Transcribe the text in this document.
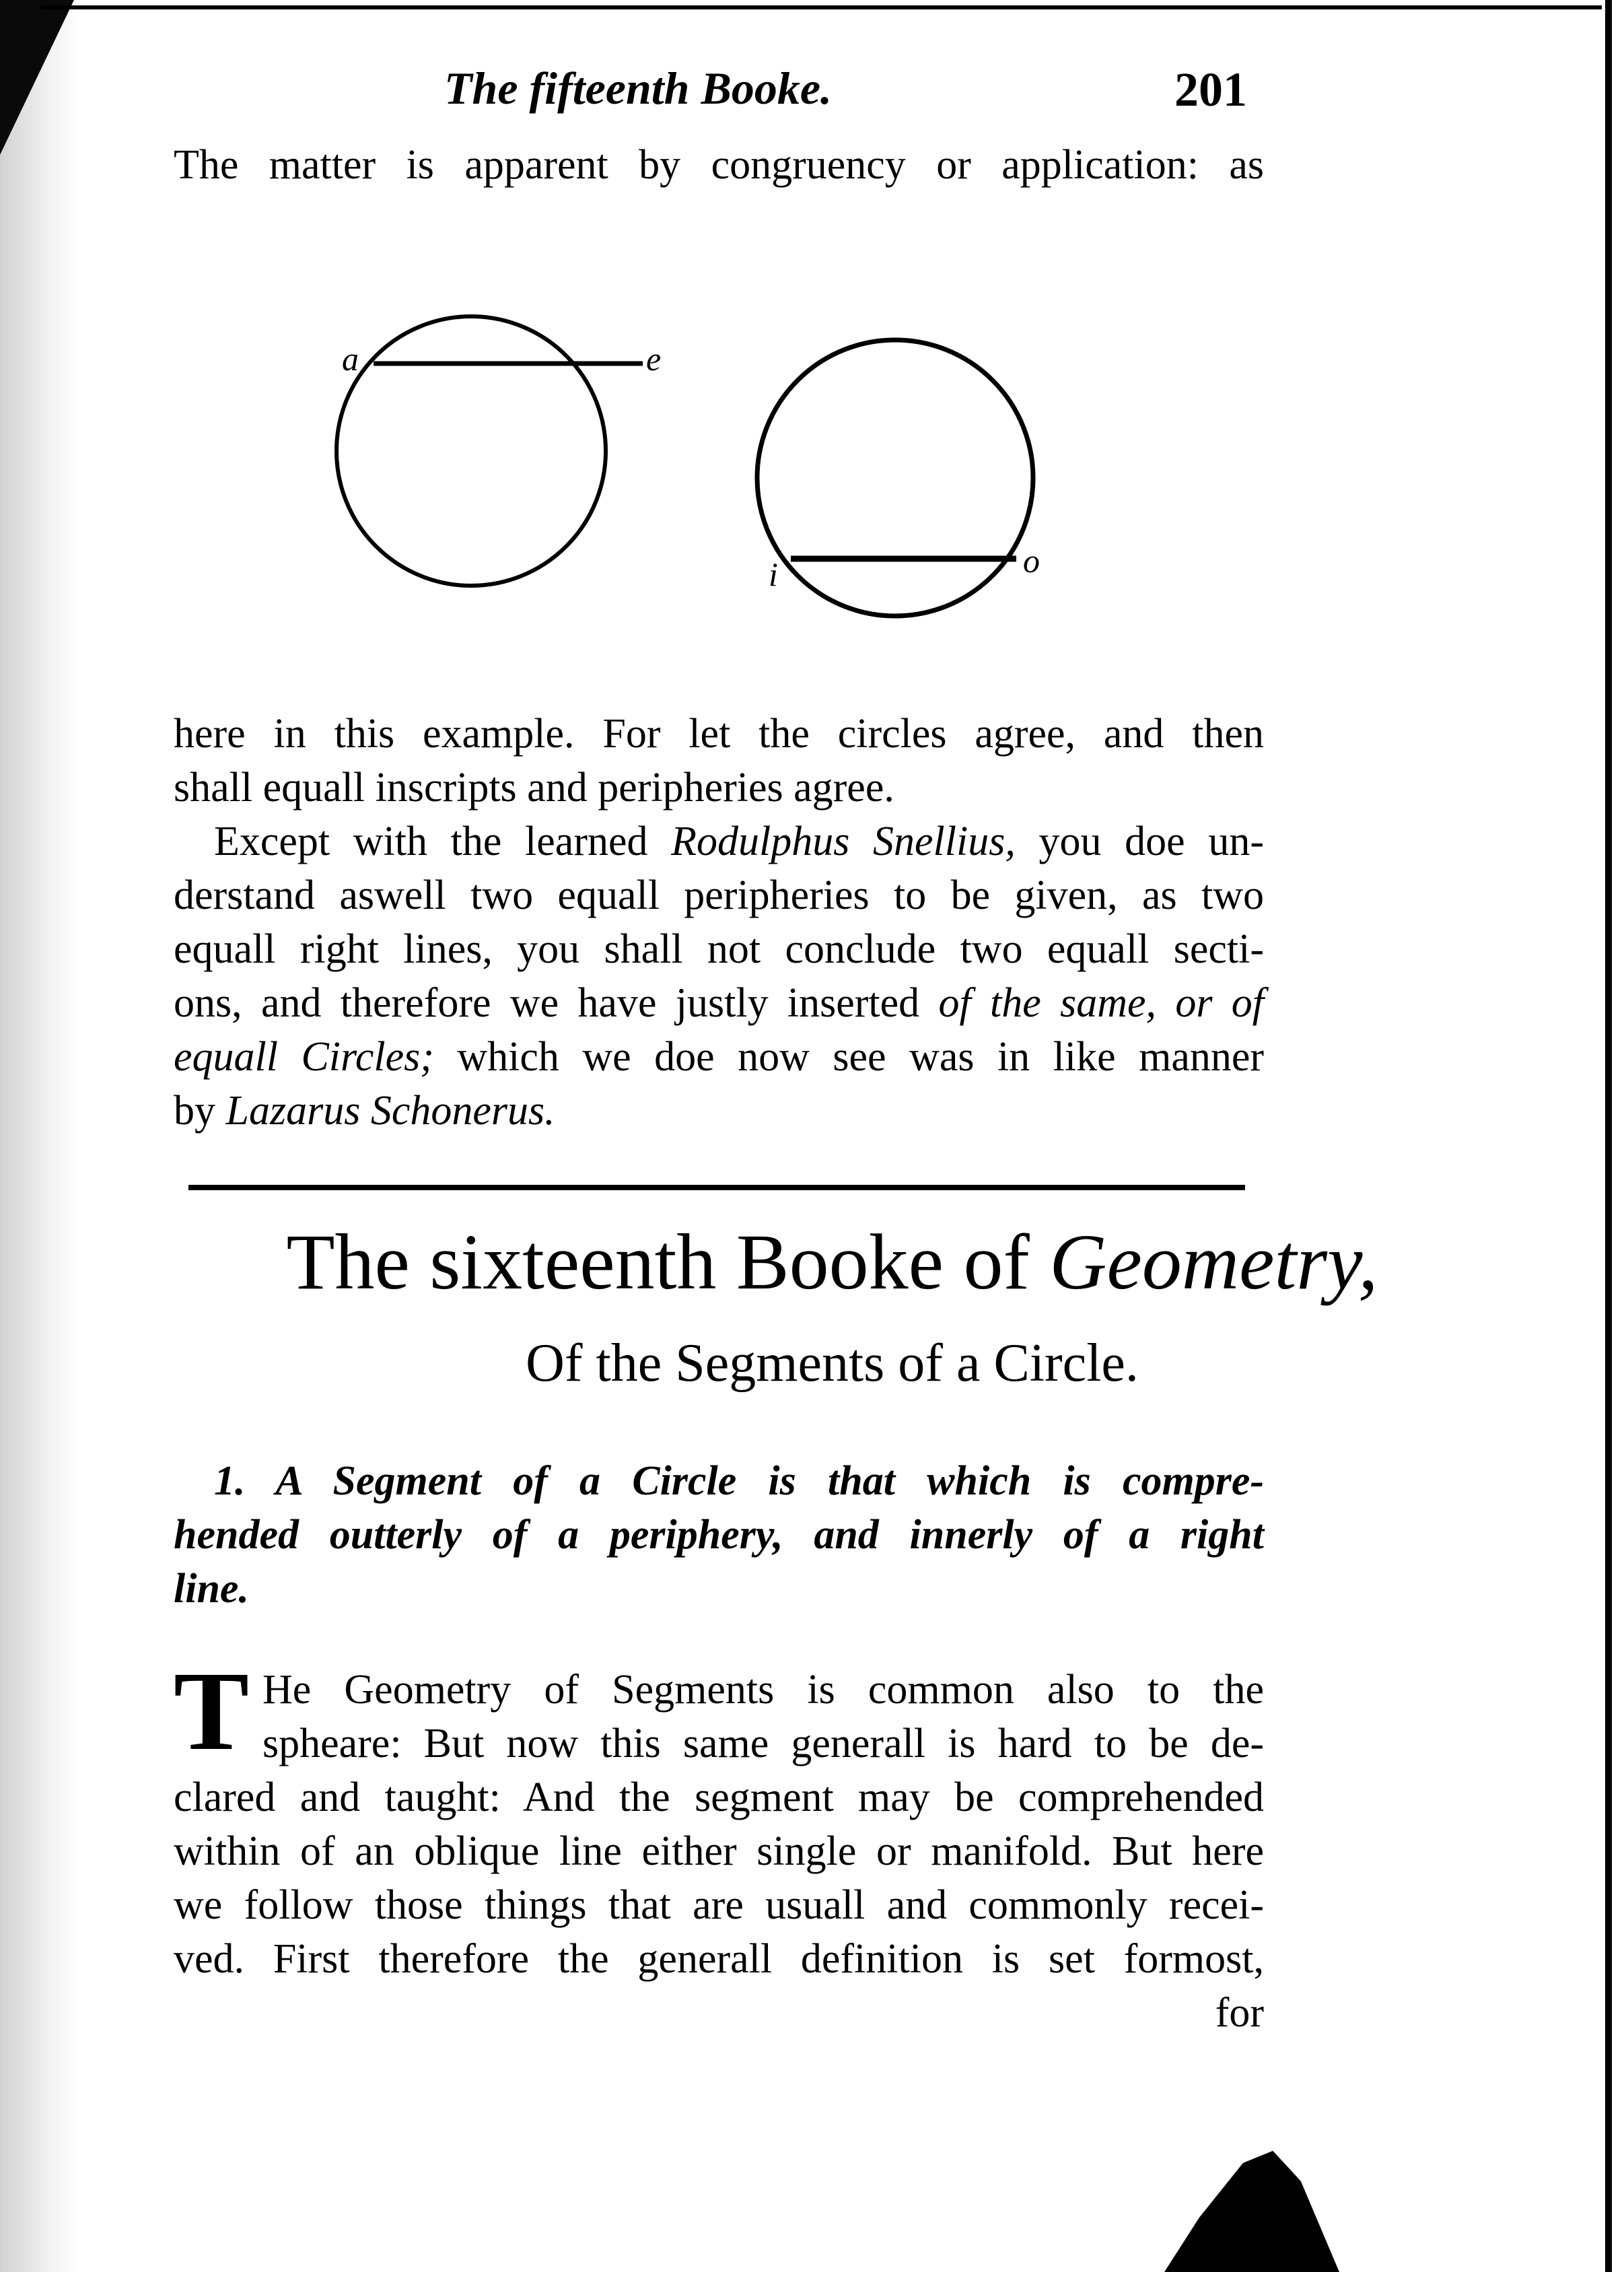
The fifteenth Booke.	201
The matter is apparent by congruency or application: as
a	e
i	o
here in this example. For let the circles agree, and then
shall equall inscripts and peripheries agree.
Except with the learned Rodulphus Snellius, you doe un-
derstand aswell two equall peripheries to be given, as two
equall right lines, you shall not conclude two equall secti-
ons, and therefore we have justly inserted of the same, or of
equall Circles; which we doe now see was in like manner
by Lazarus Schonerus.
The sixteenth Booke of Geometry,
Of the Segments of a Circle.
1. A Segment of a Circle is that which is compre-
hended outterly of a periphery, and innerly of a right
line.
T He Geometry of Segments is common also to the
spheare: But now this same generall is hard to be de-
clared and taught: And the segment may be comprehended
within of an oblique line either single or manifold. But here
we follow those things that are usuall and commonly recei-
ved. First therefore the generall definition is set formost,
for
